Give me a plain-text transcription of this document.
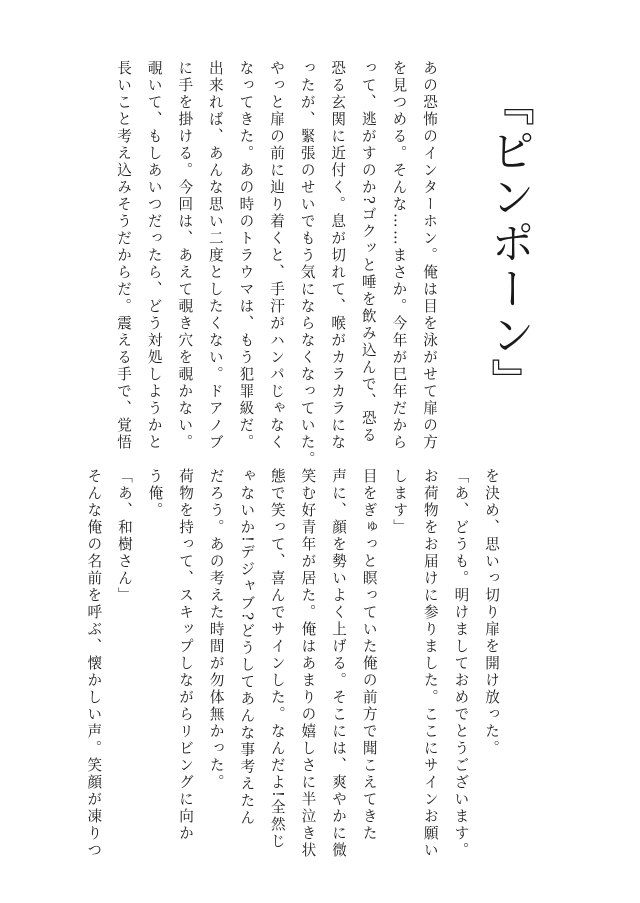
『ピンポーン』

あの恐怖のインターホン。俺は目を泳がせて扉の方

を見つめる。そんな……まさか。今年が巳年だから

って、逃がすのか?ゴクッと唾を飲み込んで、恐る

恐る玄関に近付く。息が切れて、喉がカラカラにな

ったが、緊張のせいでもう気にならなくなっていた。

やっと扉の前に辿り着くと、手汗がハンパじゃなく

なってきた。あの時のトラウマは、もう犯罪級だ。

出来れば、あんな思い二度としたくない。ドアノブ

に手を掛ける。今回は、あえて覗き穴を覗かない。

覗いて、もしあいつだったら、どう対処しようかと

長いこと考え込みそうだからだ。震える手で、覚悟

を決め、思いっ切り扉を開け放った。

「あ、どうも。明けましておめでとうございます。

お荷物をお届けに参りました。ここにサインお願い

します」

目をぎゅっと瞑っていた俺の前方で聞こえてきた

声に、顔を勢いよく上げる。そこには、爽やかに微

笑む好青年が居た。俺はあまりの嬉しさに半泣き状

態で笑って、喜んでサインした。なんだよ!全然じ

ゃないか!デジャブ?どうしてあんな事考えたん

だろう。あの考えた時間が勿体無かった。

荷物を持って、スキップしながらリビングに向か

う俺。

「あ、和樹さん」

そんな俺の名前を呼ぶ、懐かしい声。笑顔が凍りつ
